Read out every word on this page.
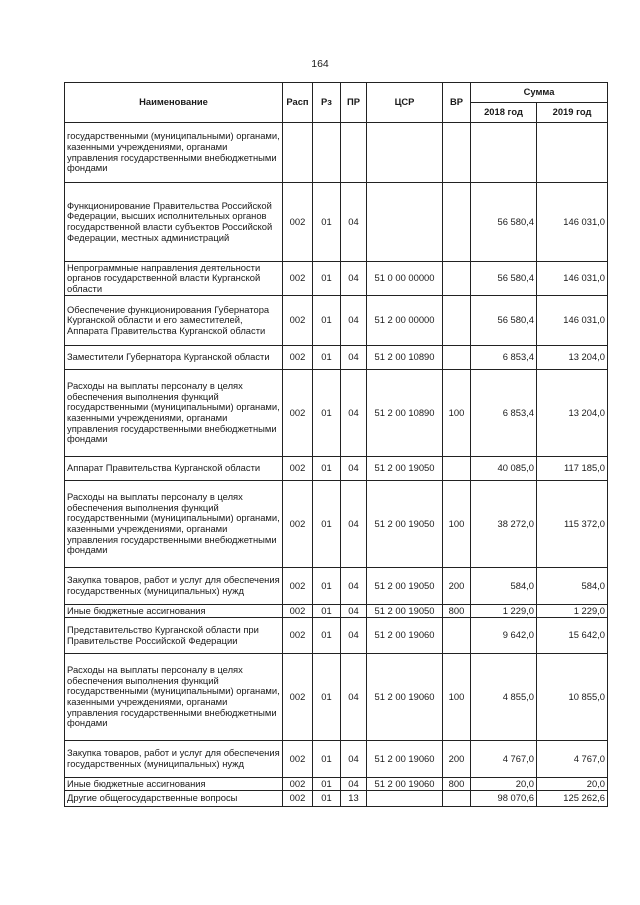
164
Наименование	Расп	Рз	ПР	ЦСР	ВР	Сумма	
						2018 год	2019 год
государственными (муниципальными) органами, казенными учреждениями, органами управления государственными внебюджетными фондами							
Функционирование Правительства Российской Федерации, высших исполнительных органов государственной власти субъектов Российской Федерации, местных администраций	002	01	04			56 580,4	146 031,0
Непрограммные направления деятельности органов государственной власти Курганской области	002	01	04	51 0 00 00000		56 580,4	146 031,0
Обеспечение функционирования Губернатора Курганской области и его заместителей, Аппарата Правительства Курганской области	002	01	04	51 2 00 00000		56 580,4	146 031,0
Заместители Губернатора Курганской области	002	01	04	51 2 00 10890		6 853,4	13 204,0
Расходы на выплаты персоналу в целях обеспечения выполнения функций государственными (муниципальными) органами, казенными учреждениями, органами управления государственными внебюджетными фондами	002	01	04	51 2 00 10890	100	6 853,4	13 204,0
Аппарат Правительства Курганской области	002	01	04	51 2 00 19050		40 085,0	117 185,0
Расходы на выплаты персоналу в целях обеспечения выполнения функций государственными (муниципальными) органами, казенными учреждениями, органами управления государственными внебюджетными фондами	002	01	04	51 2 00 19050	100	38 272,0	115 372,0
Закупка товаров, работ и услуг для обеспечения государственных (муниципальных) нужд	002	01	04	51 2 00 19050	200	584,0	584,0
Иные бюджетные ассигнования	002	01	04	51 2 00 19050	800	1 229,0	1 229,0
Представительство Курганской области при Правительстве Российской Федерации	002	01	04	51 2 00 19060		9 642,0	15 642,0
Расходы на выплаты персоналу в целях обеспечения выполнения функций государственными (муниципальными) органами, казенными учреждениями, органами управления государственными внебюджетными фондами	002	01	04	51 2 00 19060	100	4 855,0	10 855,0
Закупка товаров, работ и услуг для обеспечения государственных (муниципальных) нужд	002	01	04	51 2 00 19060	200	4 767,0	4 767,0
Иные бюджетные ассигнования	002	01	04	51 2 00 19060	800	20,0	20,0
Другие общегосударственные вопросы	002	01	13			98 070,6	125 262,6
